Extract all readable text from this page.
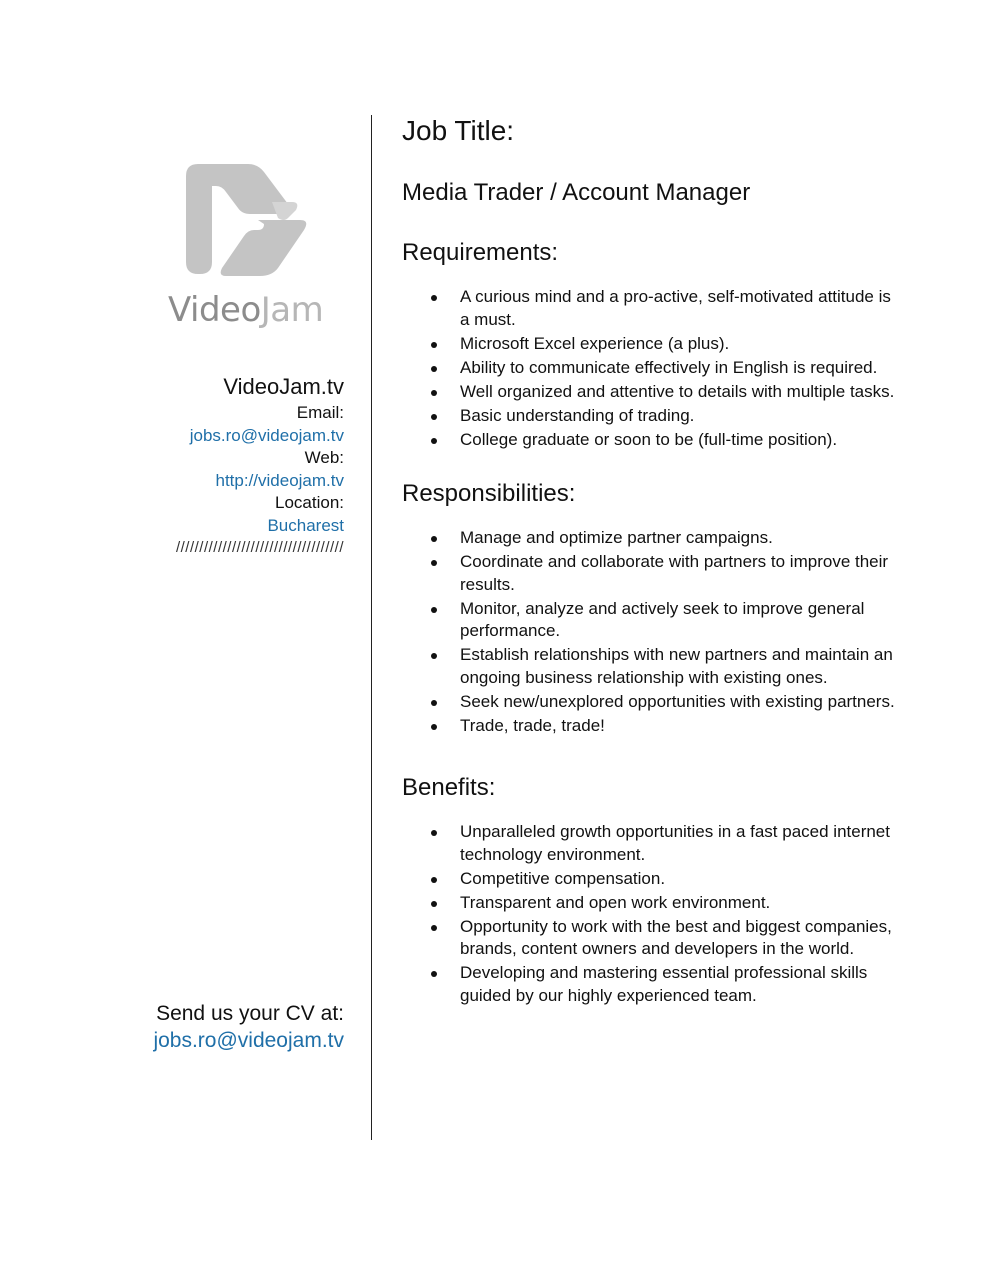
VideoJam
VideoJam.tv
Email:
jobs.ro@videojam.tv
Web:
http://videojam.tv
Location:
Bucharest
////////////////////////////////////
Send us your CV at:
jobs.ro@videojam.tv
Job Title:
Media Trader / Account Manager
Requirements:
A curious mind and a pro-active, self-motivated attitude is a must.
Microsoft Excel experience (a plus).
Ability to communicate effectively in English is required.
Well organized and attentive to details with multiple tasks.
Basic understanding of trading.
College graduate or soon to be (full-time position).
Responsibilities:
Manage and optimize partner campaigns.
Coordinate and collaborate with partners to improve their results.
Monitor, analyze and actively seek to improve general performance.
Establish relationships with new partners and maintain an ongoing business relationship with existing ones.
Seek new/unexplored opportunities with existing partners.
Trade, trade, trade!
Benefits:
Unparalleled growth opportunities in a fast paced internet technology environment.
Competitive compensation.
Transparent and open work environment.
Opportunity to work with the best and biggest companies, brands, content owners and developers in the world.
Developing and mastering essential professional skills guided by our highly experienced team.
